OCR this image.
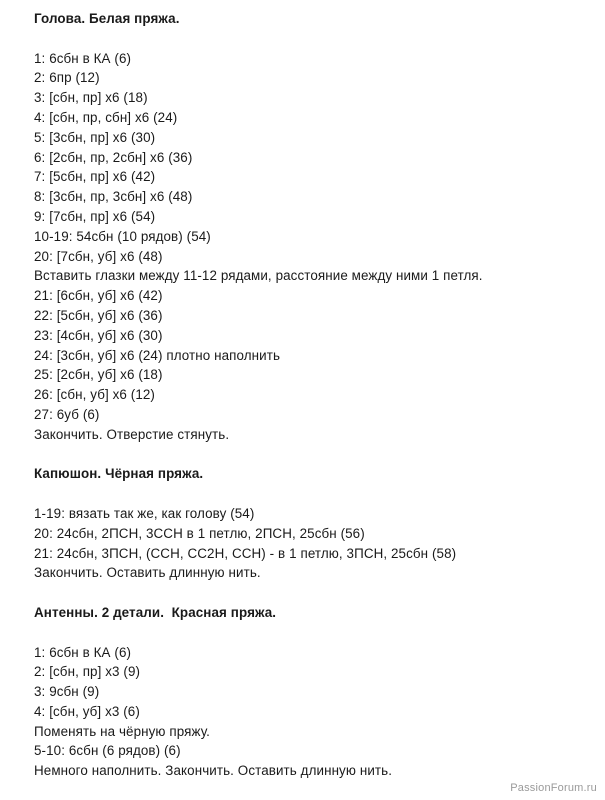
Голова. Белая пряжа.
1: 6сбн в КА (6)
2: 6пр (12)
3: [сбн, пр] х6 (18)
4: [сбн, пр, сбн] х6 (24)
5: [3сбн, пр] х6 (30)
6: [2сбн, пр, 2сбн] х6 (36)
7: [5сбн, пр] х6 (42)
8: [3сбн, пр, 3сбн] х6 (48)
9: [7сбн, пр] х6 (54)
10-19: 54сбн (10 рядов) (54)
20: [7сбн, уб] х6 (48)
Вставить глазки между 11-12 рядами, расстояние между ними 1 петля.
21: [6сбн, уб] х6 (42)
22: [5сбн, уб] х6 (36)
23: [4сбн, уб] х6 (30)
24: [3сбн, уб] х6 (24) плотно наполнить
25: [2сбн, уб] х6 (18)
26: [сбн, уб] х6 (12)
27: 6уб (6)
Закончить. Отверстие стянуть.
Капюшон. Чёрная пряжа.
1-19: вязать так же, как голову (54)
20: 24сбн, 2ПСН, 3ССН в 1 петлю, 2ПСН, 25сбн (56)
21: 24сбн, 3ПСН, (ССН, СС2Н, ССН) - в 1 петлю, 3ПСН, 25сбн (58)
Закончить. Оставить длинную нить.
Антенны. 2 детали.  Красная пряжа.
1: 6сбн в КА (6)
2: [сбн, пр] х3 (9)
3: 9сбн (9)
4: [сбн, уб] х3 (6)
Поменять на чёрную пряжу.
5-10: 6сбн (6 рядов) (6)
Немного наполнить. Закончить. Оставить длинную нить.
PassionForum.ru
